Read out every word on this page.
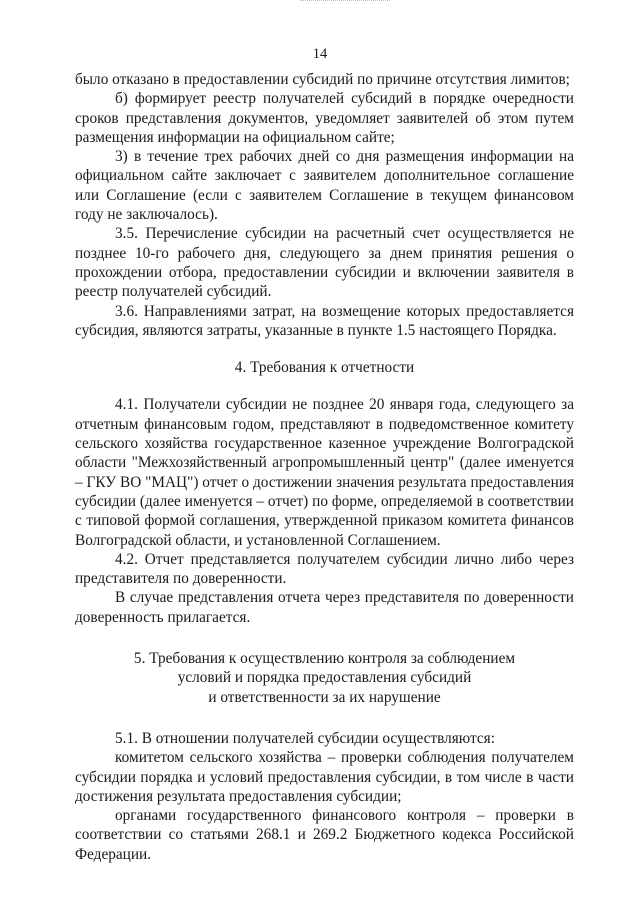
14

было отказано в предоставлении субсидий по причине отсутствия лимитов;

б) формирует реестр получателей субсидий в порядке очередности сроков представления документов, уведомляет заявителей об этом путем размещения информации на официальном сайте;

3) в течение трех рабочих дней со дня размещения информации на официальном сайте заключает с заявителем дополнительное соглашение или Соглашение (если с заявителем Соглашение в текущем финансовом году не заключалось).

3.5. Перечисление субсидии на расчетный счет осуществляется не позднее 10-го рабочего дня, следующего за днем принятия решения о прохождении отбора, предоставлении субсидии и включении заявителя в реестр получателей субсидий.

3.6. Направлениями затрат, на возмещение которых предоставляется субсидия, являются затраты, указанные в пункте 1.5 настоящего Порядка.

4. Требования к отчетности

4.1. Получатели субсидии не позднее 20 января года, следующего за отчетным финансовым годом, представляют в подведомственное комитету сельского хозяйства государственное казенное учреждение Волгоградской области "Межхозяйственный агропромышленный центр" (далее именуется – ГКУ ВО "МАЦ") отчет о достижении значения результата предоставления субсидии (далее именуется – отчет) по форме, определяемой в соответствии с типовой формой соглашения, утвержденной приказом комитета финансов Волгоградской области, и установленной Соглашением.

4.2. Отчет представляется получателем субсидии лично либо через представителя по доверенности.

В случае представления отчета через представителя по доверенности доверенность прилагается.

5. Требования к осуществлению контроля за соблюдением

условий и порядка предоставления субсидий

и ответственности за их нарушение

5.1. В отношении получателей субсидии осуществляются:

комитетом сельского хозяйства – проверки соблюдения получателем субсидии порядка и условий предоставления субсидии, в том числе в части достижения результата предоставления субсидии;

органами государственного финансового контроля – проверки в соответствии со статьями 268.1 и 269.2 Бюджетного кодекса Российской Федерации.
